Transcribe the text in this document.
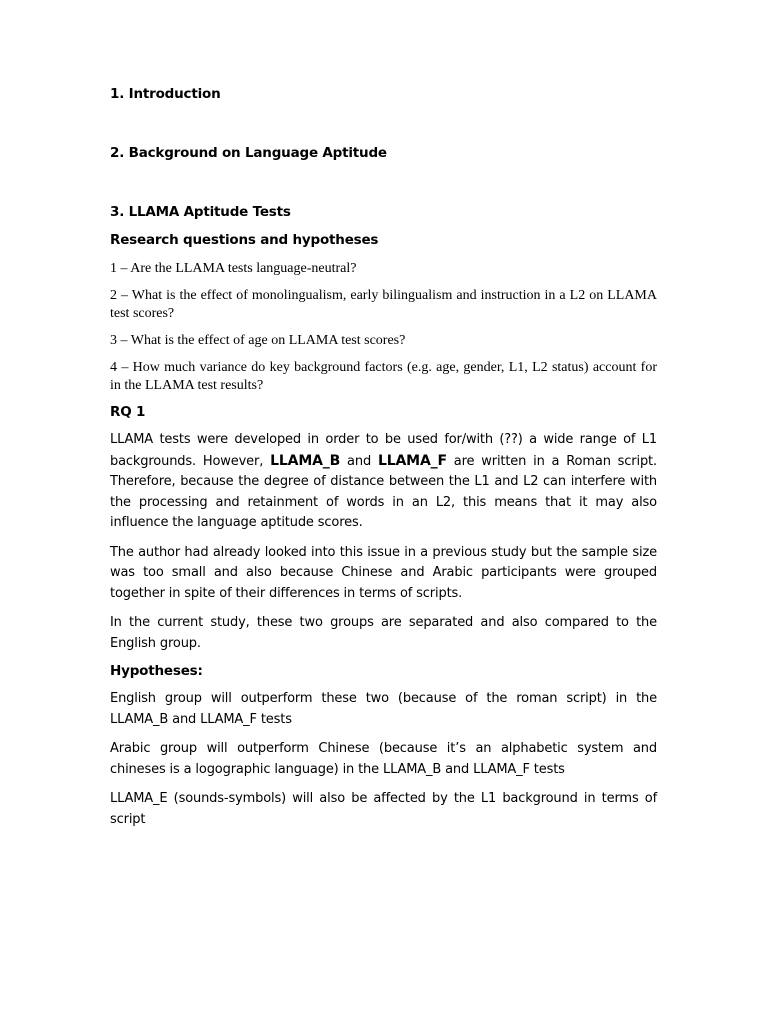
1. Introduction

2. Background on Language Aptitude

3. LLAMA Aptitude Tests

Research questions and hypotheses

1 – Are the LLAMA tests language-neutral?

2 – What is the effect of monolingualism, early bilingualism and instruction in a L2 on LLAMA test scores?

3 – What is the effect of age on LLAMA test scores?

4 – How much variance do key background factors (e.g. age, gender, L1, L2 status) account for in the LLAMA test results?

RQ 1

LLAMA tests were developed in order to be used for/with (??) a wide range of L1 backgrounds. However, LLAMA_B and LLAMA_F are written in a Roman script. Therefore, because the degree of distance between the L1 and L2 can interfere with the processing and retainment of words in an L2, this means that it may also influence the language aptitude scores.

The author had already looked into this issue in a previous study but the sample size was too small and also because Chinese and Arabic participants were grouped together in spite of their differences in terms of scripts.

In the current study, these two groups are separated and also compared to the English group.

Hypotheses:

English group will outperform these two (because of the roman script) in the LLAMA_B and LLAMA_F tests

Arabic group will outperform Chinese (because it’s an alphabetic system and chineses is a logographic language) in the LLAMA_B and LLAMA_F tests

LLAMA_E (sounds-symbols) will also be affected by the L1 background in terms of script
